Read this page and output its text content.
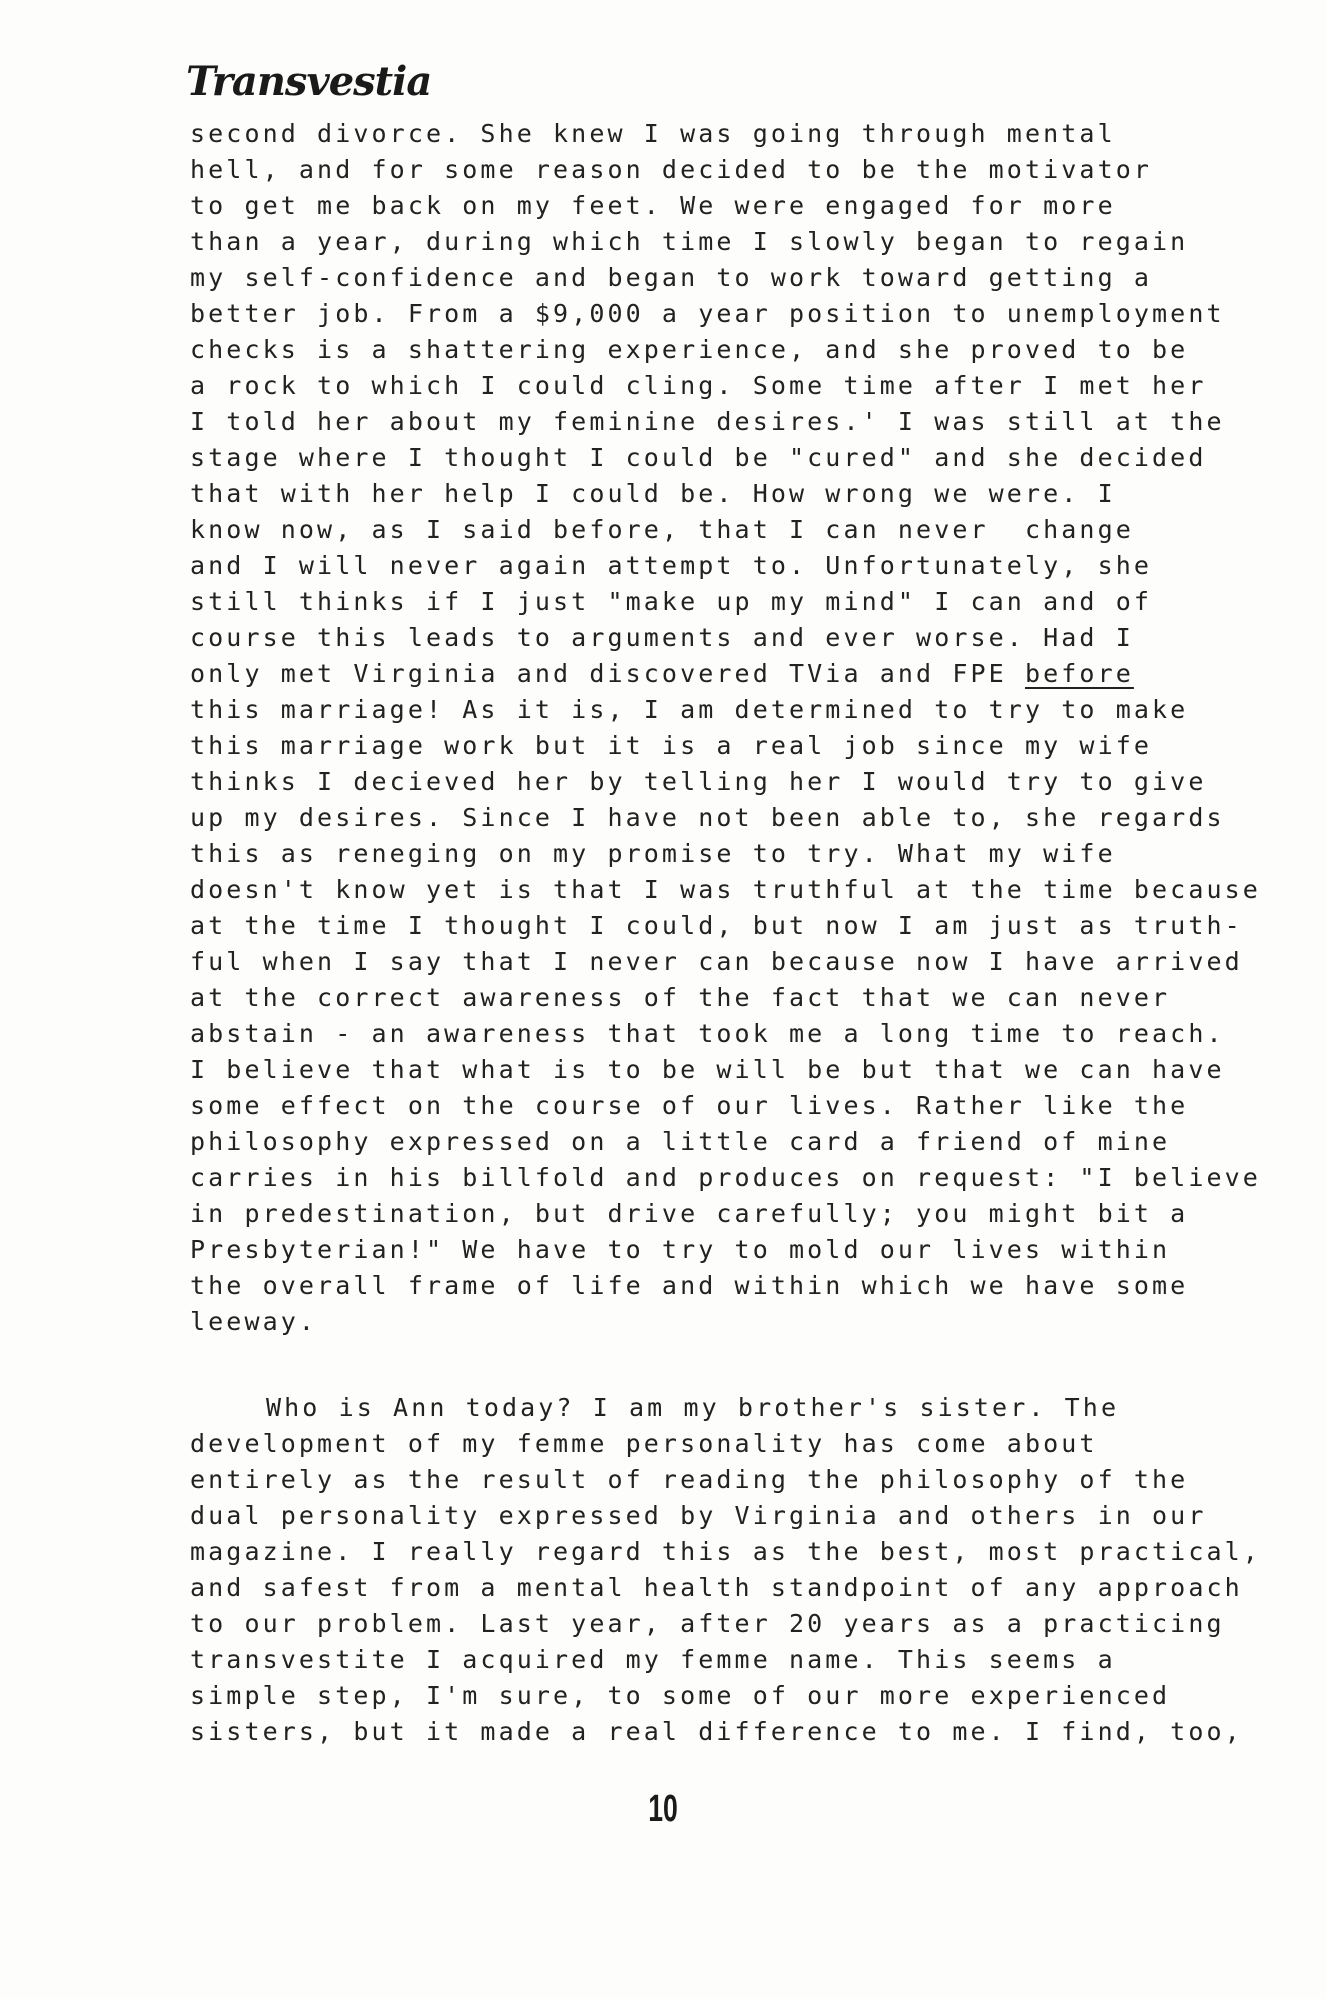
Transvestia
second divorce. She knew I was going through mental
hell, and for some reason decided to be the motivator
to get me back on my feet. We were engaged for more
than a year, during which time I slowly began to regain
my self-confidence and began to work toward getting a
better job. From a $9,000 a year position to unemployment
checks is a shattering experience, and she proved to be
a rock to which I could cling. Some time after I met her
I told her about my feminine desires.' I was still at the
stage where I thought I could be "cured" and she decided
that with her help I could be. How wrong we were. I
know now, as I said before, that I can never  change
and I will never again attempt to. Unfortunately, she
still thinks if I just "make up my mind" I can and of
course this leads to arguments and ever worse. Had I
only met Virginia and discovered TVia and FPE before
this marriage! As it is, I am determined to try to make
this marriage work but it is a real job since my wife
thinks I decieved her by telling her I would try to give
up my desires. Since I have not been able to, she regards
this as reneging on my promise to try. What my wife
doesn't know yet is that I was truthful at the time because
at the time I thought I could, but now I am just as truth-
ful when I say that I never can because now I have arrived
at the correct awareness of the fact that we can never
abstain - an awareness that took me a long time to reach.
I believe that what is to be will be but that we can have
some effect on the course of our lives. Rather like the
philosophy expressed on a little card a friend of mine
carries in his billfold and produces on request: "I believe
in predestination, but drive carefully; you might bit a
Presbyterian!" We have to try to mold our lives within
the overall frame of life and within which we have some
leeway.
Who is Ann today? I am my brother's sister. The
development of my femme personality has come about
entirely as the result of reading the philosophy of the
dual personality expressed by Virginia and others in our
magazine. I really regard this as the best, most practical,
and safest from a mental health standpoint of any approach
to our problem. Last year, after 20 years as a practicing
transvestite I acquired my femme name. This seems a
simple step, I'm sure, to some of our more experienced
sisters, but it made a real difference to me. I find, too,
10
